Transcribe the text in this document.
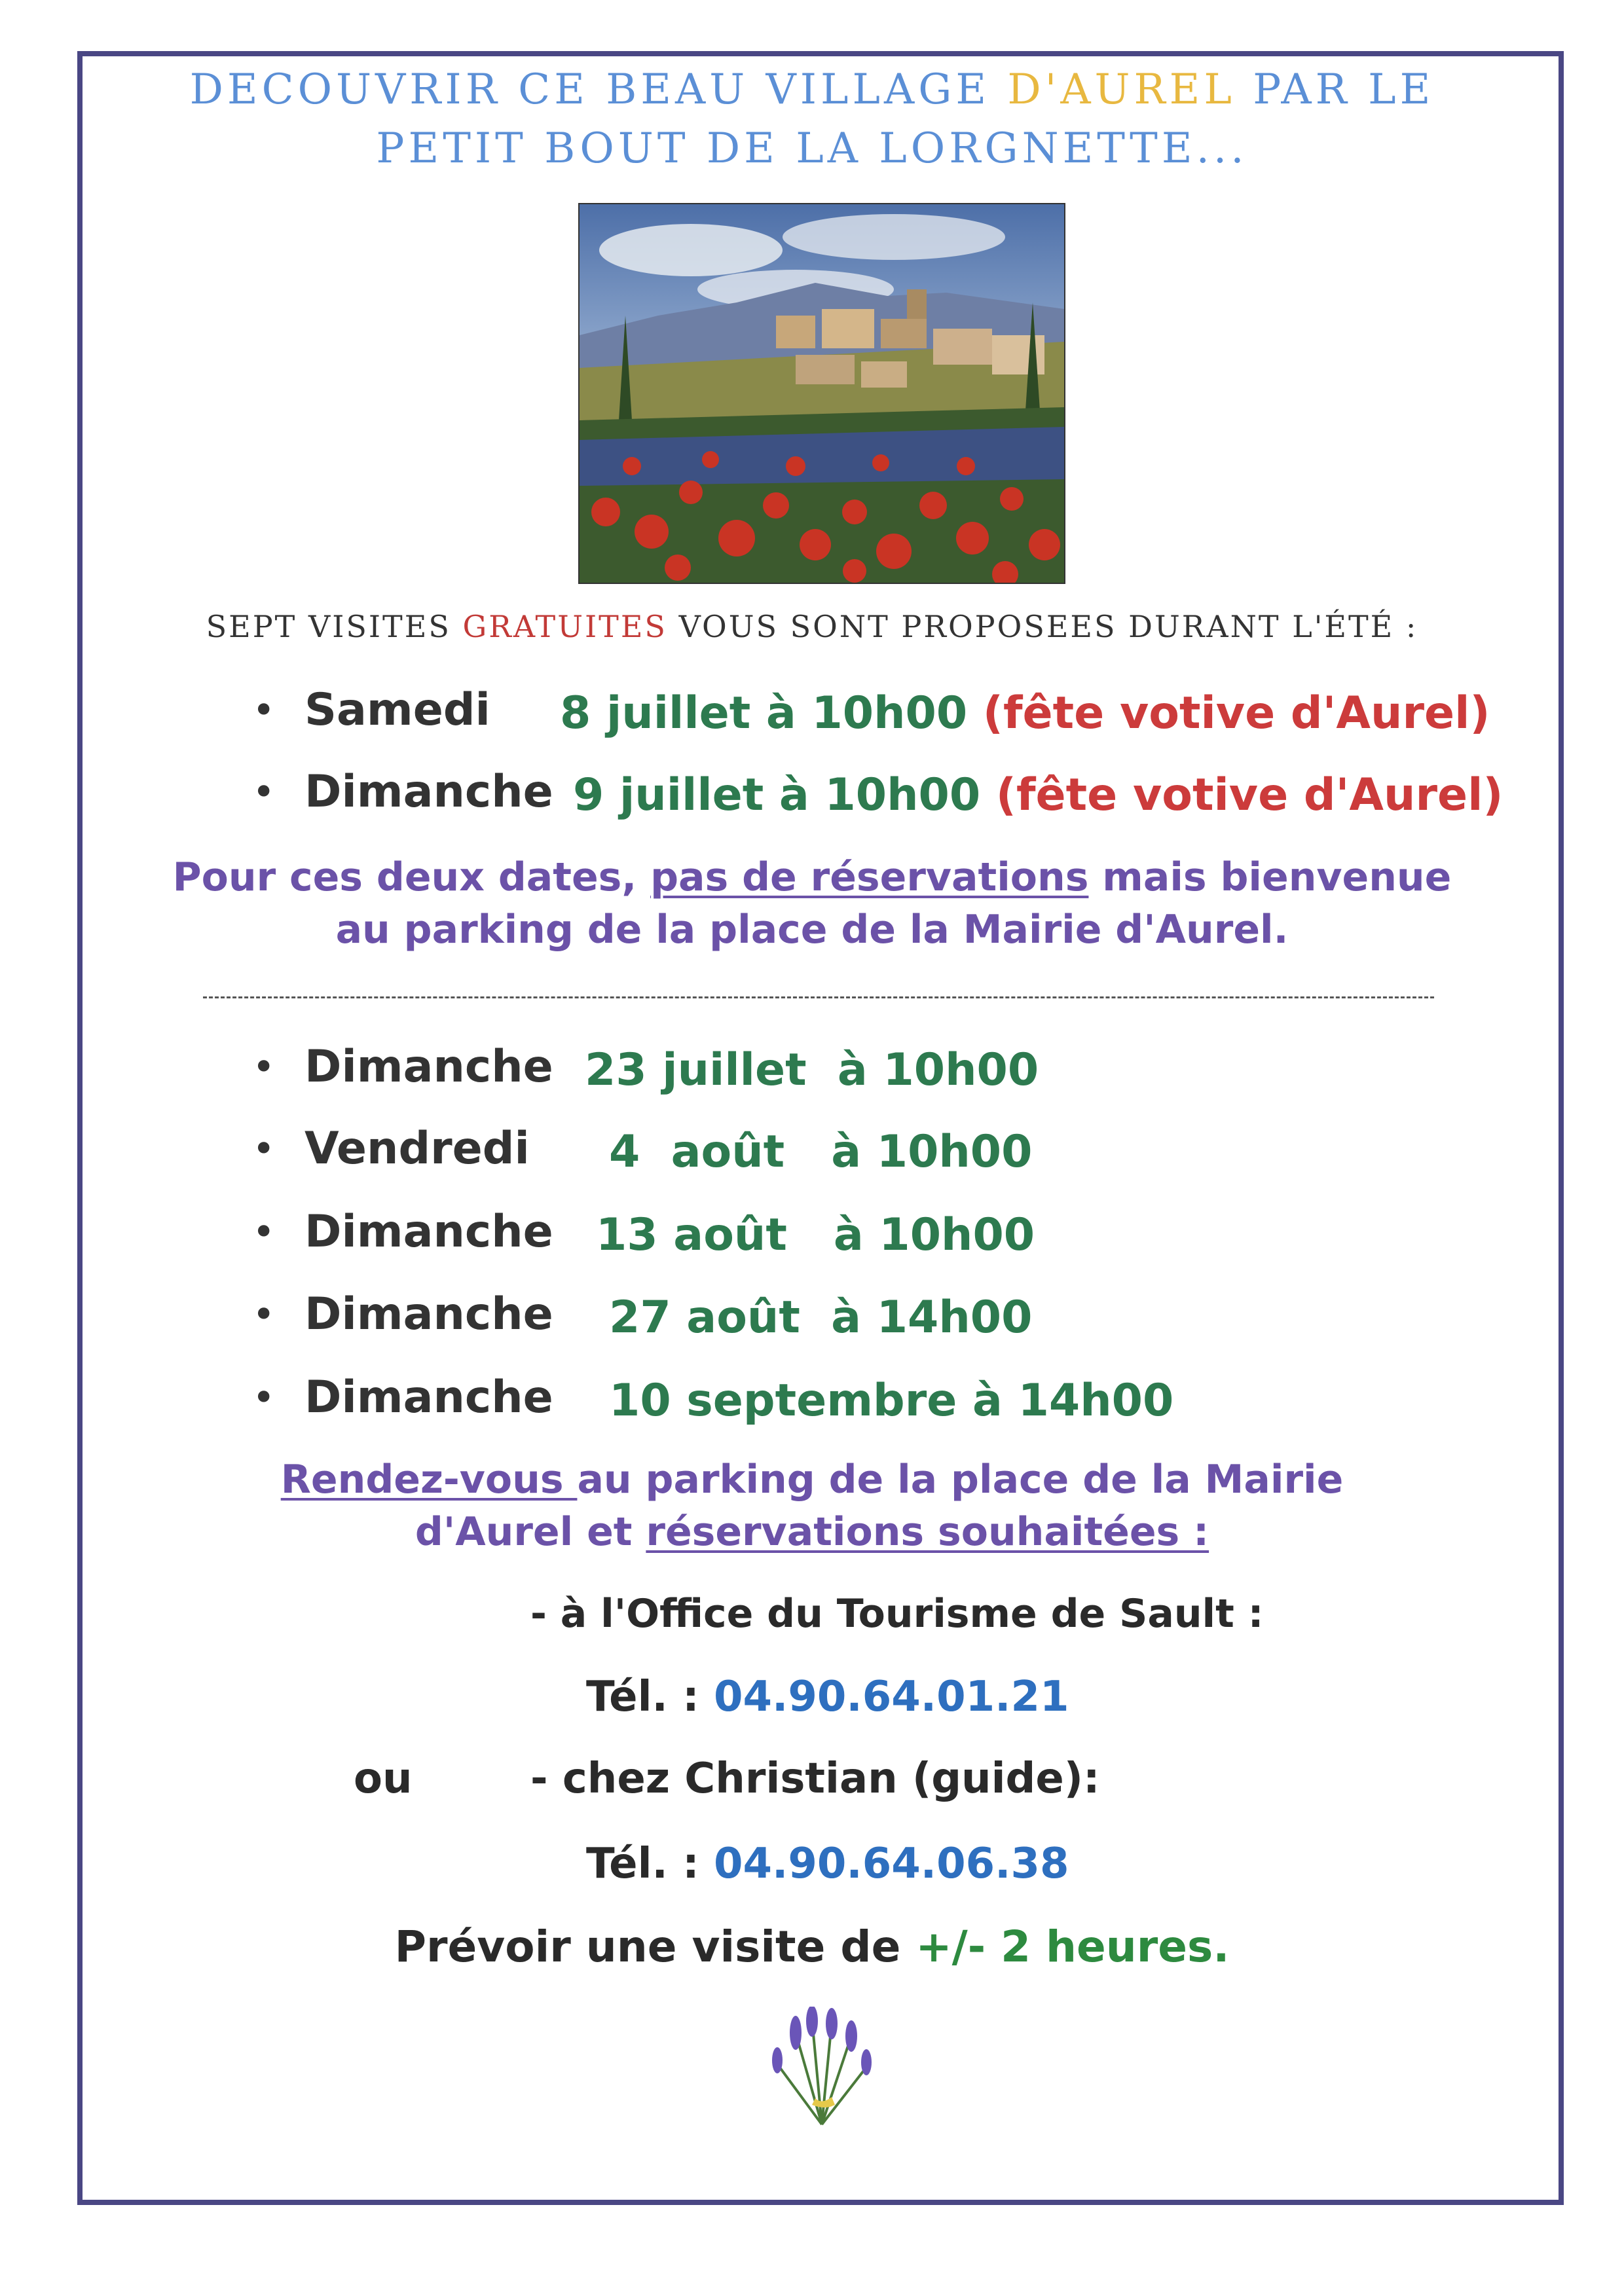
DECOUVRIR CE BEAU VILLAGE D'AUREL PAR LE
PETIT BOUT DE LA LORGNETTE...
SEPT VISITES GRATUITES VOUS SONT PROPOSEES DURANT L'ÉTÉ :
• Samedi 8 juillet à 10h00 (fête votive d'Aurel)
• Dimanche 9 juillet à 10h00 (fête votive d'Aurel)
Pour ces deux dates, pas de réservations mais bienvenue
au parking de la place de la Mairie d'Aurel.
• Dimanche 23 juillet  à 10h00
• Vendredi 4  août   à 10h00
• Dimanche 13 août   à 10h00
• Dimanche 27 août  à 14h00
• Dimanche 10 septembre à 14h00
Rendez-vous au parking de la place de la Mairie
d'Aurel et réservations souhaitées :
- à l'Office du Tourisme de Sault :
Tél. : 04.90.64.01.21
ou	- chez Christian (guide):
Tél. : 04.90.64.06.38
Prévoir une visite de +/- 2 heures.
